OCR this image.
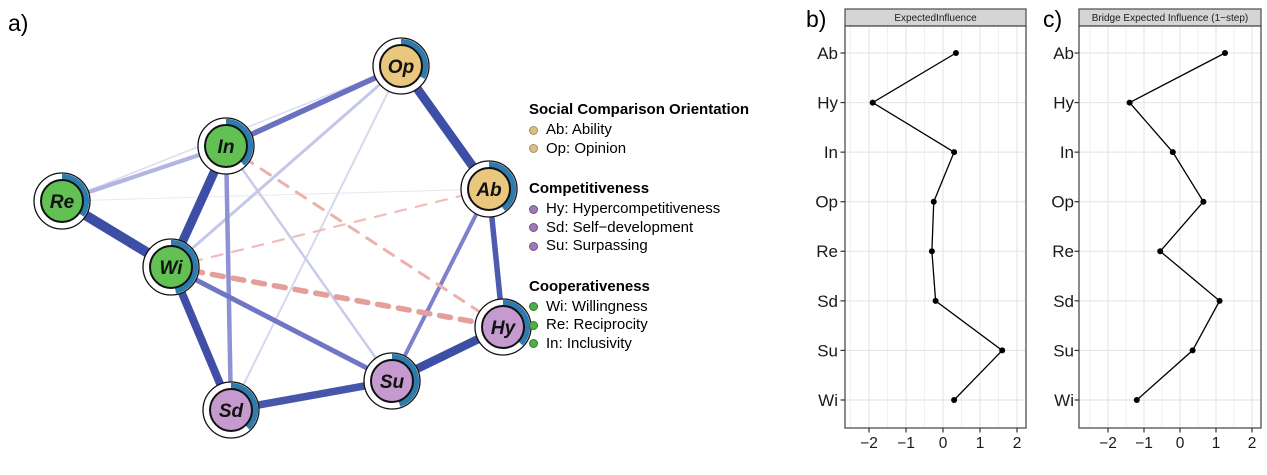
a)
Op
In
Re
Wi
Ab
Hy
Su
Sd
Social Comparison Orientation
Ab: Ability
Op: Opinion
Competitiveness
Hy: Hypercompetitiveness
Sd: Self−development
Su: Surpassing
Cooperativeness
Wi: Willingness
Re: Reciprocity
In: Inclusivity
b)	ExpectedInfluence
−2 −1 0 1 2
Ab
Hy
In
Op
Re
Sd
Su
Wi
c)	Bridge Expected Influence (1−step)
−2 −1 0 1 2
Ab
Hy
In
Op
Re
Sd
Su
Wi
